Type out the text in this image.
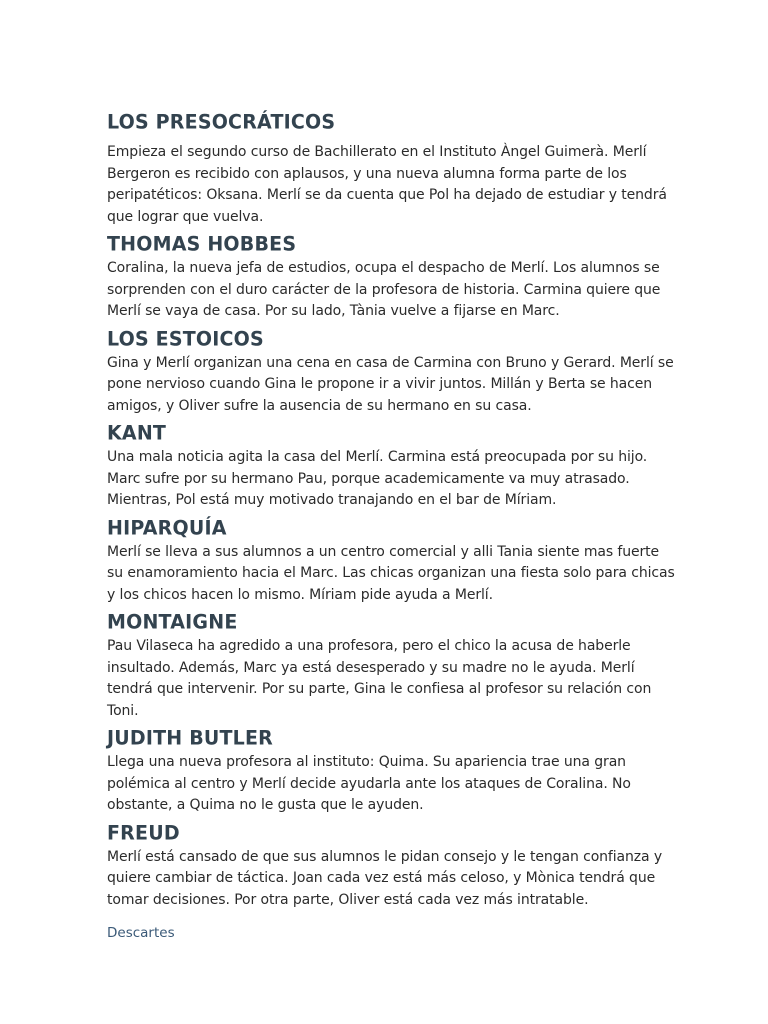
LOS PRESOCRÁTICOS

Empieza el segundo curso de Bachillerato en el Instituto Àngel Guimerà. Merlí Bergeron es recibido con aplausos, y una nueva alumna forma parte de los peripatéticos: Oksana. Merlí se da cuenta que Pol ha dejado de estudiar y tendrá que lograr que vuelva.

THOMAS HOBBES

Coralina, la nueva jefa de estudios, ocupa el despacho de Merlí. Los alumnos se sorprenden con el duro carácter de la profesora de historia. Carmina quiere que Merlí se vaya de casa. Por su lado, Tània vuelve a fijarse en Marc.

LOS ESTOICOS

Gina y Merlí organizan una cena en casa de Carmina con Bruno y Gerard. Merlí se pone nervioso cuando Gina le propone ir a vivir juntos. Millán y Berta se hacen amigos, y Oliver sufre la ausencia de su hermano en su casa.

KANT

Una mala noticia agita la casa del Merlí. Carmina está preocupada por su hijo. Marc sufre por su hermano Pau, porque academicamente va muy atrasado. Mientras, Pol está muy motivado tranajando en el bar de Míriam.

HIPARQUÍA

Merlí se lleva a sus alumnos a un centro comercial y alli Tania siente mas fuerte su enamoramiento hacia el Marc. Las chicas organizan una fiesta solo para chicas y los chicos hacen lo mismo. Míriam pide ayuda a Merlí.

MONTAIGNE

Pau Vilaseca ha agredido a una profesora, pero el chico la acusa de haberle insultado. Además, Marc ya está desesperado y su madre no le ayuda. Merlí tendrá que intervenir. Por su parte, Gina le confiesa al profesor su relación con Toni.

JUDITH BUTLER

Llega una nueva profesora al instituto: Quima. Su apariencia trae una gran polémica al centro y Merlí decide ayudarla ante los ataques de Coralina. No obstante, a Quima no le gusta que le ayuden.

FREUD

Merlí está cansado de que sus alumnos le pidan consejo y le tengan confianza y quiere cambiar de táctica. Joan cada vez está más celoso, y Mònica tendrá que tomar decisiones. Por otra parte, Oliver está cada vez más intratable.

Descartes
